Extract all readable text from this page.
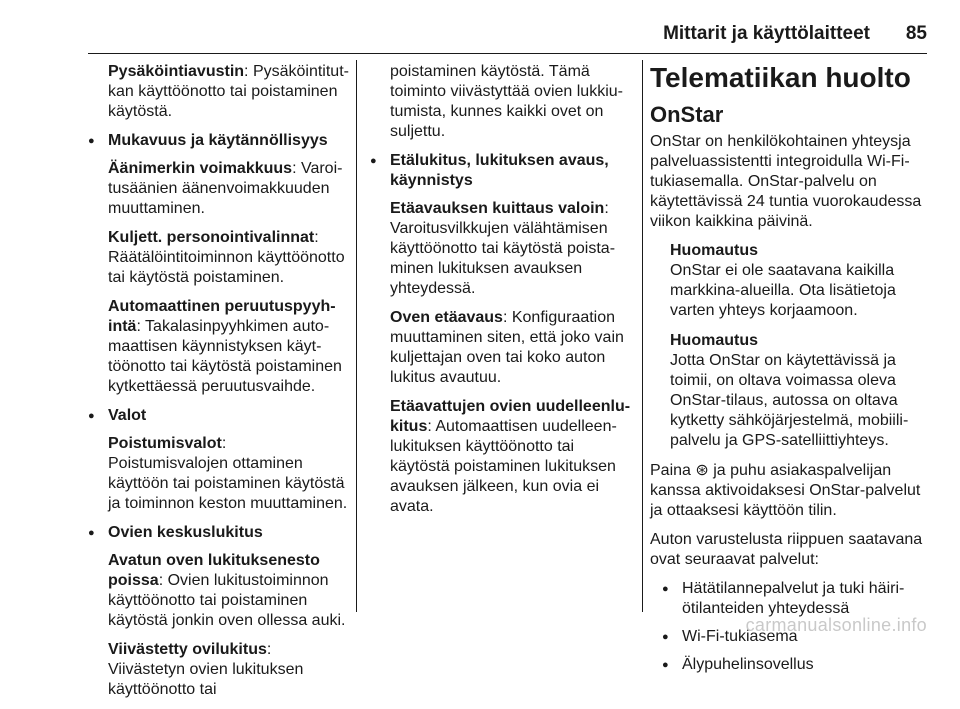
Mittarit ja käyttölaitteet 85

Pysäköintiavustin: Pysäköintitutkan käyttöönotto tai poistaminen käytöstä.

● Mukavuus ja käytännöllisyys

Äänimerkin voimakkuus: Varoitusäänien äänenvoimakkuuden muuttaminen.

Kuljett. personointivalinnat: Räätälöintitoiminnon käyttöönotto tai käytöstä poistaminen.

Automaattinen peruutuspyyhintä: Takalasinpyyhkimen automaattisen käynnistyksen käyttöönotto tai käytöstä poistaminen kytkettäessä peruutusvaihde.

● Valot

Poistumisvalot: Poistumisvalojen ottaminen käyttöön tai poistaminen käytöstä ja toiminnon keston muuttaminen.

● Ovien keskuslukitus

Avatun oven lukituksenesto poissa: Ovien lukitustoiminnon käyttöönotto tai poistaminen käytöstä jonkin oven ollessa auki.

Viivästetty ovilukitus: Viivästetyn ovien lukituksen käyttöönotto tai

poistaminen käytöstä. Tämä toiminto viivästyttää ovien lukkiutumista, kunnes kaikki ovet on suljettu.

● Etälukitus, lukituksen avaus, käynnistys

Etäavauksen kuittaus valoin: Varoitusvilkkujen välähtämisen käyttöönotto tai käytöstä poistaminen lukituksen avauksen yhteydessä.

Oven etäavaus: Konfiguraation muuttaminen siten, että joko vain kuljettajan oven tai koko auton lukitus avautuu.

Etäavattujen ovien uudelleenlukitus: Automaattisen uudelleenlukituksen käyttöönotto tai käytöstä poistaminen lukituksen avauksen jälkeen, kun ovia ei avata.

Telematiikan huolto
OnStar

OnStar on henkilökohtainen yhteysja palveluassistentti integroidulla Wi-Fi-tukiasemalla. OnStar-palvelu on käytettävissä 24 tuntia vuorokaudessa viikon kaikkina päivinä.

Huomautus
OnStar ei ole saatavana kaikilla markkina-alueilla. Ota lisätietoja varten yhteys korjaamoon.
Huomautus
Jotta OnStar on käytettävissä ja toimii, on oltava voimassa oleva OnStar-tilaus, autossa on oltava kytketty sähköjärjestelmä, mobiilipalvelu ja GPS-satelliittiyhteys.

Paina ⊛ ja puhu asiakaspalvelijan kanssa aktivoidaksesi OnStar-palvelut ja ottaaksesi käyttöön tilin.

Auton varustelusta riippuen saatavana ovat seuraavat palvelut:

● Hätätilannepalvelut ja tuki häiriötilanteiden yhteydessä
● Wi-Fi-tukiasema
● Älypuhelinsovellus
carmanualsonline.info
